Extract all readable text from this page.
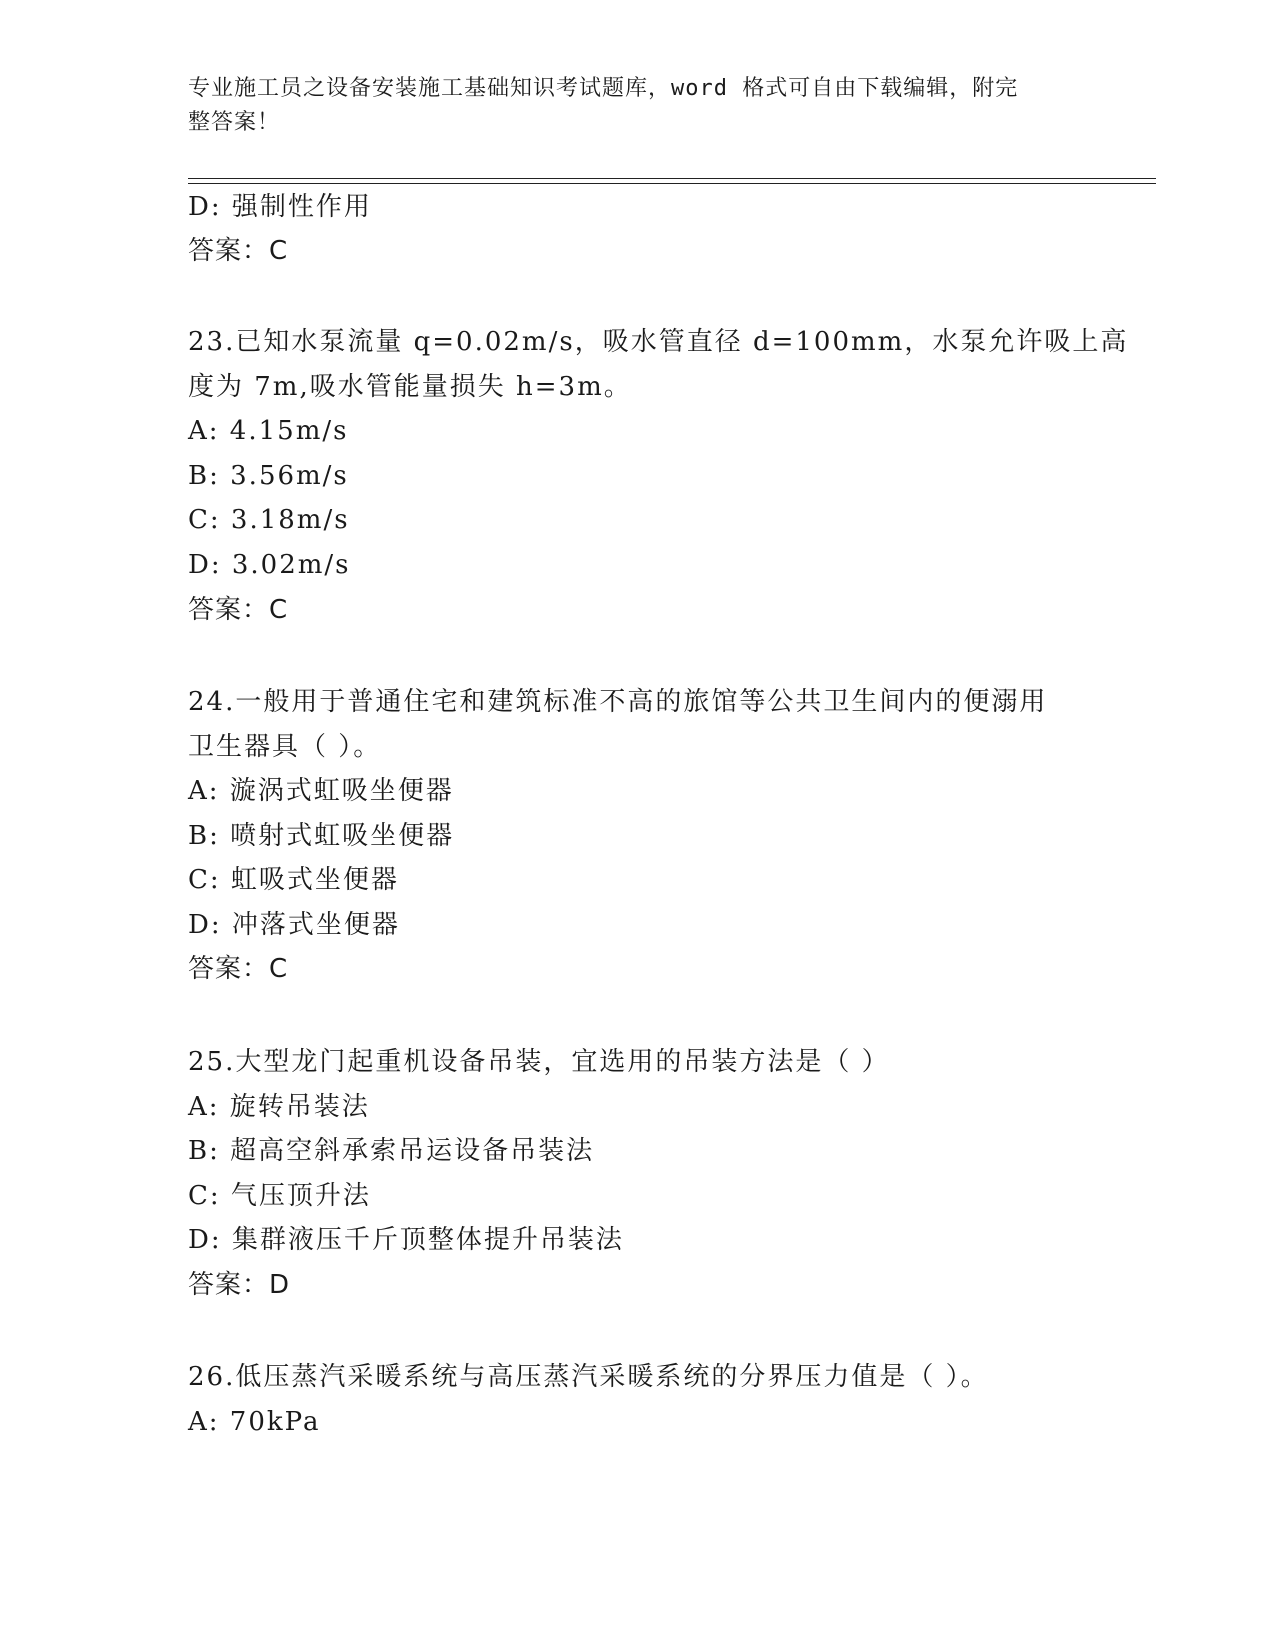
专业施工员之设备安装施工基础知识考试题库，word 格式可自由下载编辑，附完
整答案！
D: 强制性作用
答案：C
23.已知水泵流量 q=0.02m/s，吸水管直径 d=100mm，水泵允许吸上高
度为 7m,吸水管能量损失 h=3m。
A: 4.15m/s
B: 3.56m/s
C: 3.18m/s
D: 3.02m/s
答案：C
24.一般用于普通住宅和建筑标准不高的旅馆等公共卫生间内的便溺用
卫生器具（ ）。
A: 漩涡式虹吸坐便器
B: 喷射式虹吸坐便器
C: 虹吸式坐便器
D: 冲落式坐便器
答案：C
25.大型龙门起重机设备吊装，宜选用的吊装方法是（ ）
A: 旋转吊装法
B: 超高空斜承索吊运设备吊装法
C: 气压顶升法
D: 集群液压千斤顶整体提升吊装法
答案：D
26.低压蒸汽采暖系统与高压蒸汽采暖系统的分界压力值是（ ）。
A: 70kPa
